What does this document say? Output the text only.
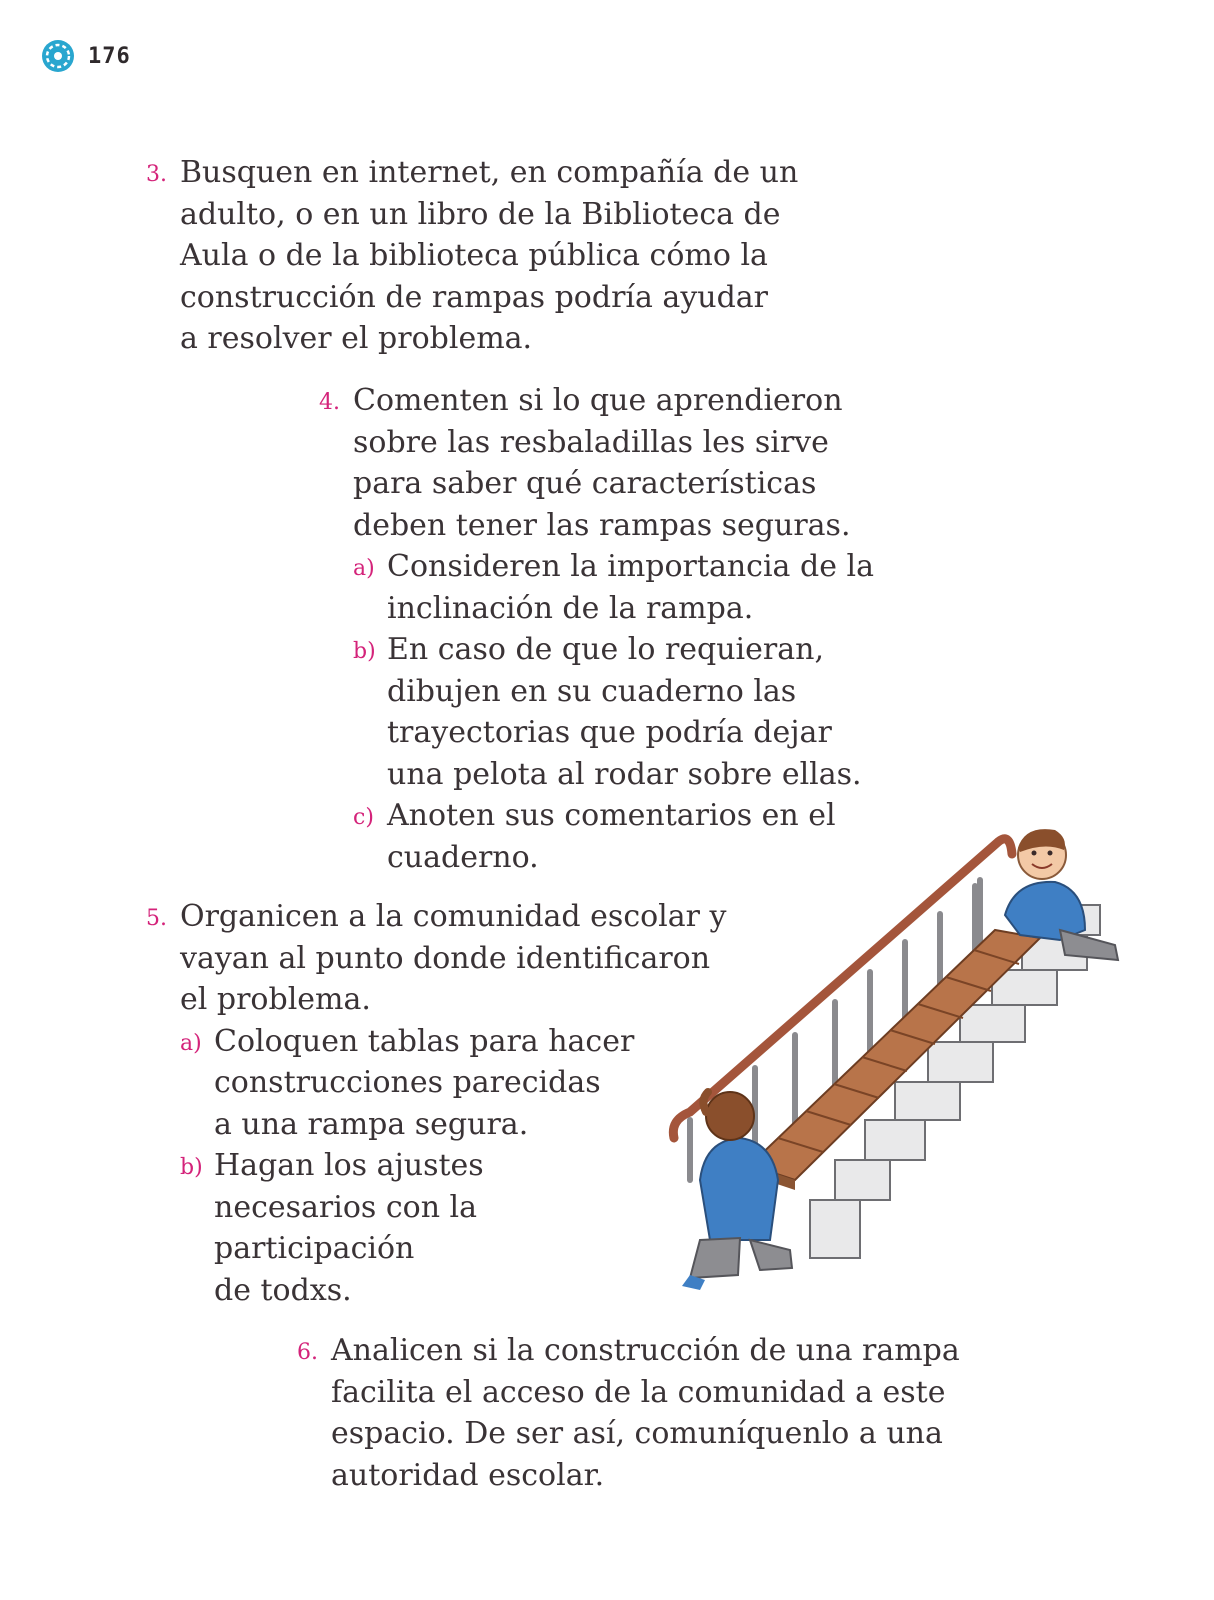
176
3. Busquen en internet, en compañía de un
adulto, o en un libro de la Biblioteca de
Aula o de la biblioteca pública cómo la
construcción de rampas podría ayudar
a resolver el problema.
4. Comenten si lo que aprendieron
sobre las resbaladillas les sirve
para saber qué características
deben tener las rampas seguras.
a) Consideren la importancia de la
inclinación de la rampa.
b) En caso de que lo requieran,
dibujen en su cuaderno las
trayectorias que podría dejar
una pelota al rodar sobre ellas.
c) Anoten sus comentarios en el
cuaderno.
5. Organicen a la comunidad escolar y
vayan al punto donde identificaron
el problema.
a) Coloquen tablas para hacer
construcciones parecidas
a una rampa segura.
b) Hagan los ajustes
necesarios con la
participación
de todxs.
6. Analicen si la construcción de una rampa
facilita el acceso de la comunidad a este
espacio. De ser así, comuníquenlo a una
autoridad escolar.
